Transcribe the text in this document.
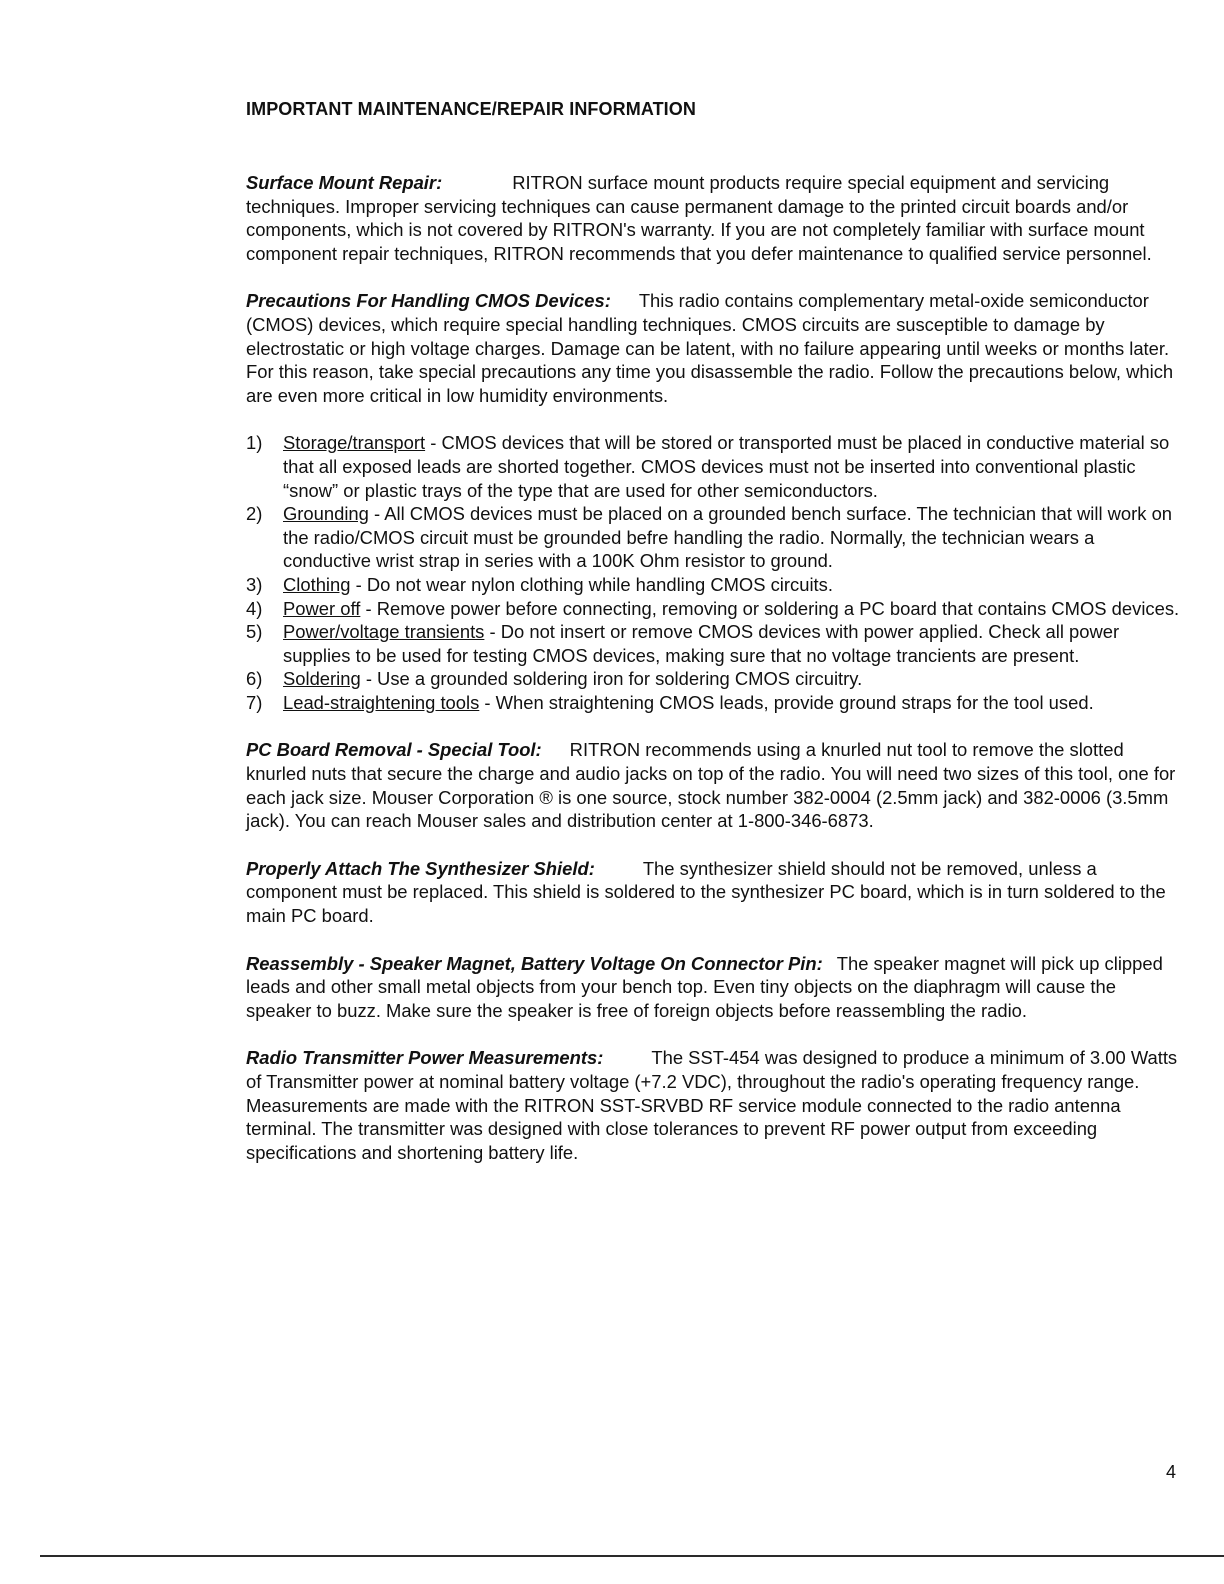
IMPORTANT MAINTENANCE/REPAIR INFORMATION

Surface Mount Repair:	RITRON surface mount products require special equipment and servicing techniques. Improper servicing techniques can cause permanent damage to the printed circuit boards and/or components, which is not covered by RITRON's warranty. If you are not completely familiar with surface mount component repair techniques, RITRON recommends that you defer maintenance to qualified service personnel.

Precautions For Handling CMOS Devices: This radio contains complementary metal-oxide semiconductor (CMOS) devices, which require special handling techniques. CMOS circuits are susceptible to damage by electrostatic or high voltage charges. Damage can be latent, with no failure appearing until weeks or months later. For this reason, take special precautions any time you disassemble the radio. Follow the precautions below, which are even more critical in low humidity environments.

1) Storage/transport - CMOS devices that will be stored or transported must be placed in conductive material so that all exposed leads are shorted together. CMOS devices must not be inserted into conventional plastic “snow” or plastic trays of the type that are used for other semiconductors.
2) Grounding - All CMOS devices must be placed on a grounded bench surface. The technician that will work on the radio/CMOS circuit must be grounded befre handling the radio. Normally, the technician wears a conductive wrist strap in series with a 100K Ohm resistor to ground.
3) Clothing - Do not wear nylon clothing while handling CMOS circuits.
4) Power off - Remove power before connecting, removing or soldering a PC board that contains CMOS devices.
5) Power/voltage transients - Do not insert or remove CMOS devices with power applied. Check all power supplies to be used for testing CMOS devices, making sure that no voltage trancients are present.
6) Soldering - Use a grounded soldering iron for soldering CMOS circuitry.
7) Lead-straightening tools - When straightening CMOS leads, provide ground straps for the tool used.

PC Board Removal - Special Tool: RITRON recommends using a knurled nut tool to remove the slotted knurled nuts that secure the charge and audio jacks on top of the radio. You will need two sizes of this tool, one for each jack size. Mouser Corporation ® is one source, stock number 382-0004 (2.5mm jack) and 382-0006 (3.5mm jack). You can reach Mouser sales and distribution center at 1-800-346-6873.

Properly Attach The Synthesizer Shield:	The synthesizer shield should not be removed, unless a component must be replaced. This shield is soldered to the synthesizer PC board, which is in turn soldered to the main PC board.

Reassembly - Speaker Magnet, Battery Voltage On Connector Pin: The speaker magnet will pick up clipped leads and other small metal objects from your bench top. Even tiny objects on the diaphragm will cause the speaker to buzz. Make sure the speaker is free of foreign objects before reassembling the radio.

Radio Transmitter Power Measurements:	The SST-454 was designed to produce a minimum of 3.00 Watts of Transmitter power at nominal battery voltage (+7.2 VDC), throughout the radio's operating frequency range. Measurements are made with the RITRON SST-SRVBD RF service module connected to the radio antenna terminal. The transmitter was designed with close tolerances to prevent RF power output from exceeding specifications and shortening battery life.

4
